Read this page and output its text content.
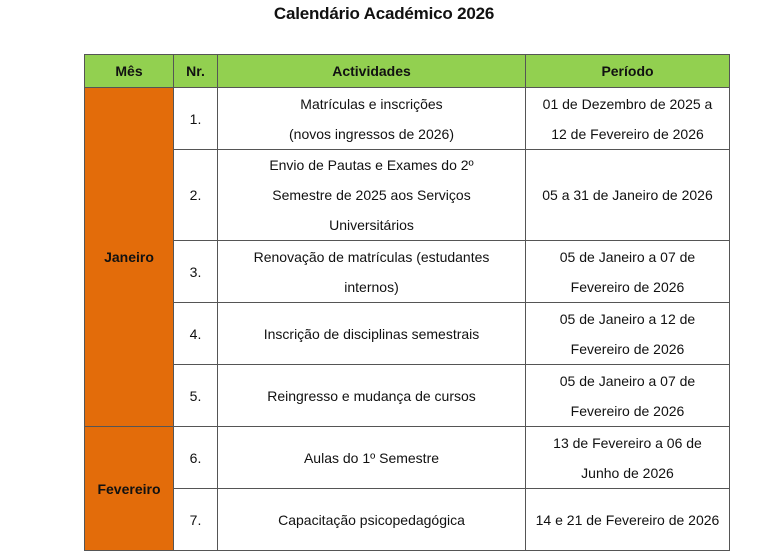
Calendário Académico 2026
Mês	Nr.	Actividades	Período
Janeiro	1.	Matrículas e inscrições
(novos ingressos de 2026)	01 de Dezembro de 2025 a
12 de Fevereiro de 2026

	2.	Envio de Pautas e Exames do 2º
Semestre de 2025 aos Serviços
Universitários	05 a 31 de Janeiro de 2026

	3.	Renovação de matrículas (estudantes
internos)	05 de Janeiro a 07 de
Fevereiro de 2026

	4.	Inscrição de disciplinas semestrais	05 de Janeiro a 12 de
Fevereiro de 2026

	5.	Reingresso e mudança de cursos	05 de Janeiro a 07 de
Fevereiro de 2026

Fevereiro	6.	Aulas do 1º Semestre	13 de Fevereiro a 06 de
Junho de 2026

	7.	Capacitação psicopedagógica	14 e 21 de Fevereiro de 2026
